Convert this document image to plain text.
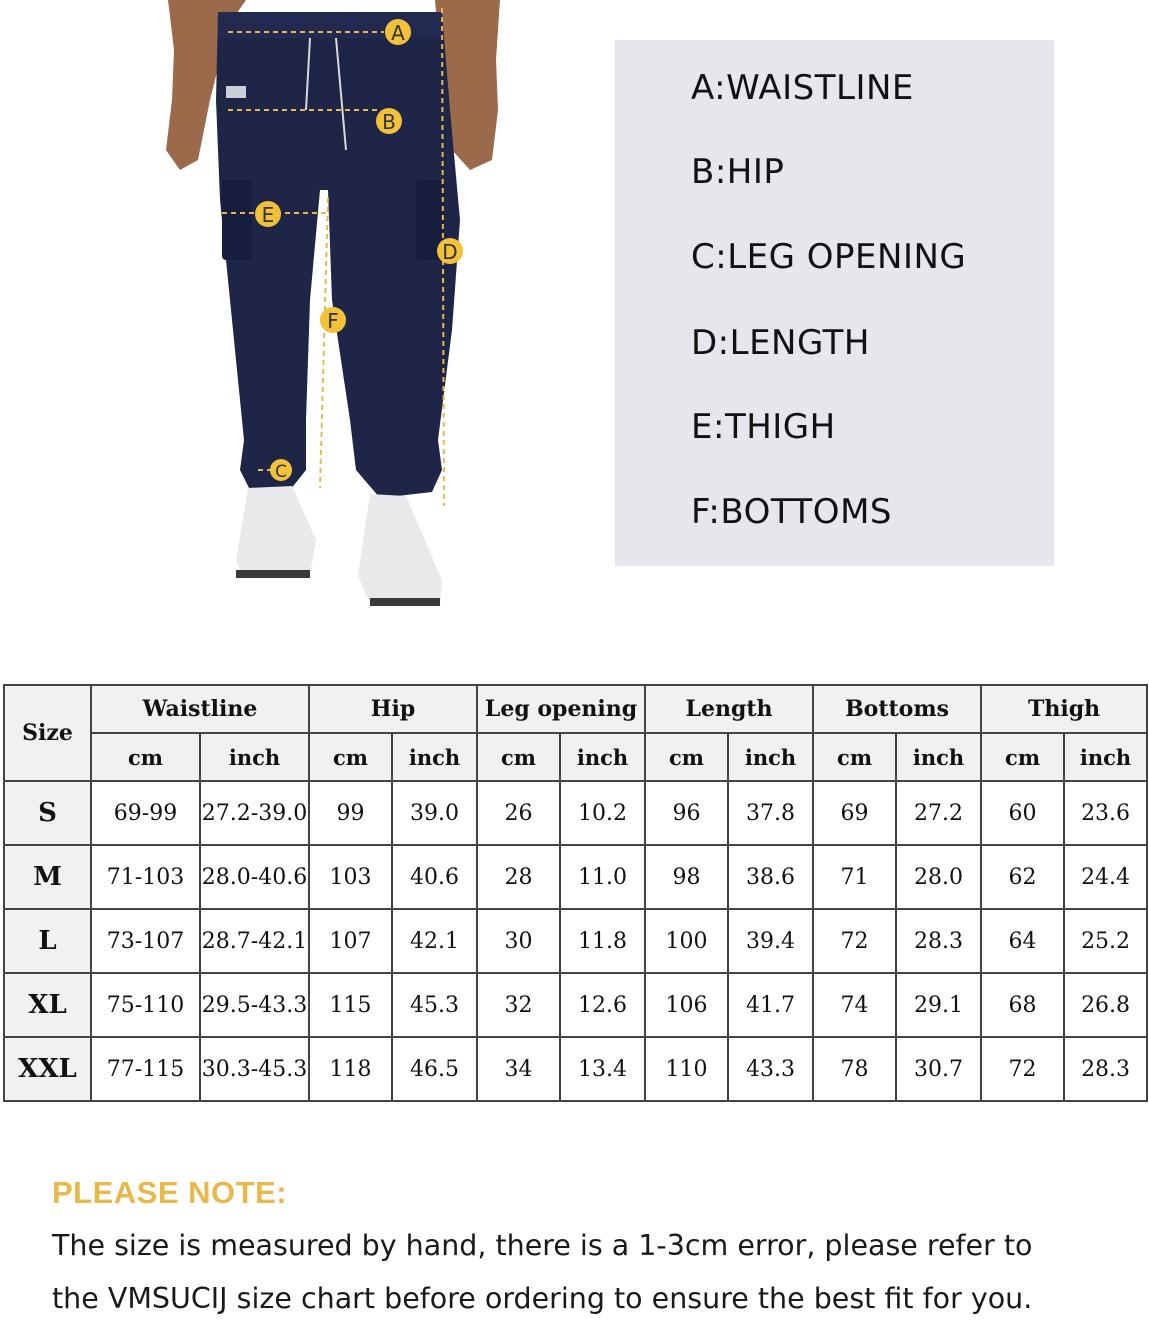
A
B
C
D
E
F
A:WAISTLINE
B:HIP
C:LEG OPENING
D:LENGTH
E:THIGH
F:BOTTOMS
Size	Waistline		Hip		Leg opening		Length		Bottoms		Thigh	
	cm	inch	cm	inch	cm	inch	cm	inch	cm	inch	cm	inch
S	69-99	27.2-39.0	99	39.0	26	10.2	96	37.8	69	27.2	60	23.6
M	71-103	28.0-40.6	103	40.6	28	11.0	98	38.6	71	28.0	62	24.4
L	73-107	28.7-42.1	107	42.1	30	11.8	100	39.4	72	28.3	64	25.2
XL	75-110	29.5-43.3	115	45.3	32	12.6	106	41.7	74	29.1	68	26.8
XXL	77-115	30.3-45.3	118	46.5	34	13.4	110	43.3	78	30.7	72	28.3
PLEASE NOTE:
The size is measured by hand, there is a 1-3cm error, please refer to
the VMSUCIJ size chart before ordering to ensure the best fit for you.
